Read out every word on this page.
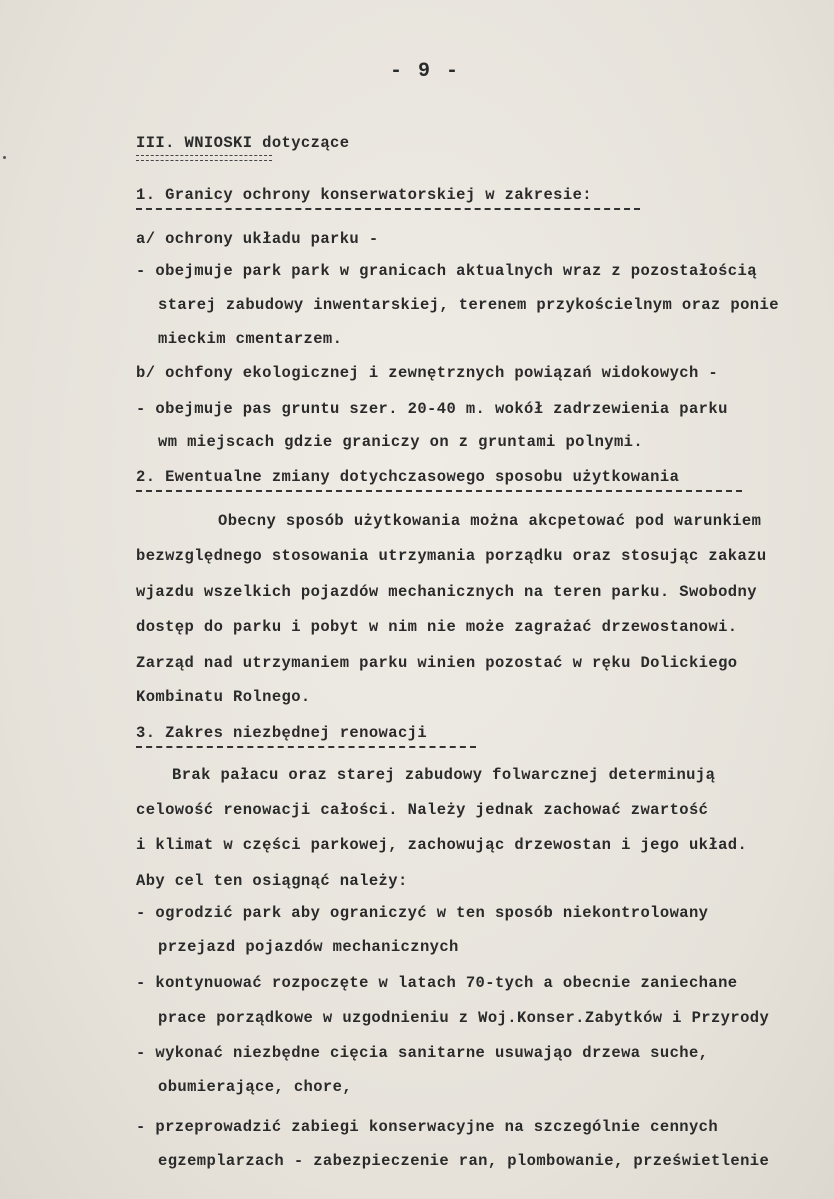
- 9 -
III. WNIOSKI dotyczące
1. Granicy ochrony konserwatorskiej w zakresie:
a/ ochrony układu parku -
- obejmuje park park w granicach aktualnych wraz z pozostałością
starej zabudowy inwentarskiej, terenem przykościelnym oraz ponie
mieckim cmentarzem.
b/ ochfony ekologicznej i zewnętrznych powiązań widokowych -
- obejmuje pas gruntu szer. 20-40 m. wokół zadrzewienia parku
wm miejscach gdzie graniczy on z gruntami polnymi.
2. Ewentualne zmiany dotychczasowego sposobu użytkowania
Obecny sposób użytkowania można akcpetować pod warunkiem
bezwzględnego stosowania utrzymania porządku oraz stosując zakazu
wjazdu wszelkich pojazdów mechanicznych na teren parku. Swobodny
dostęp do parku i pobyt w nim nie może zagrażać drzewostanowi.
Zarząd nad utrzymaniem parku winien pozostać w ręku Dolickiego
Kombinatu Rolnego.
3. Zakres niezbędnej renowacji
Brak pałacu oraz starej zabudowy folwarcznej determinują
celowość renowacji całości. Należy jednak zachować zwartość
i klimat w części parkowej, zachowując drzewostan i jego układ.
Aby cel ten osiągnąć należy:
- ogrodzić park aby ograniczyć w ten sposób niekontrolowany
przejazd pojazdów mechanicznych
- kontynuować rozpoczęte w latach 70-tych a obecnie zaniechane
prace porządkowe w uzgodnieniu z Woj.Konser.Zabytków i Przyrody
- wykonać niezbędne cięcia sanitarne usuwająo drzewa suche,
obumierające, chore,
- przeprowadzić zabiegi konserwacyjne na szczególnie cennych
egzemplarzach - zabezpieczenie ran, plombowanie, prześwietlenie
